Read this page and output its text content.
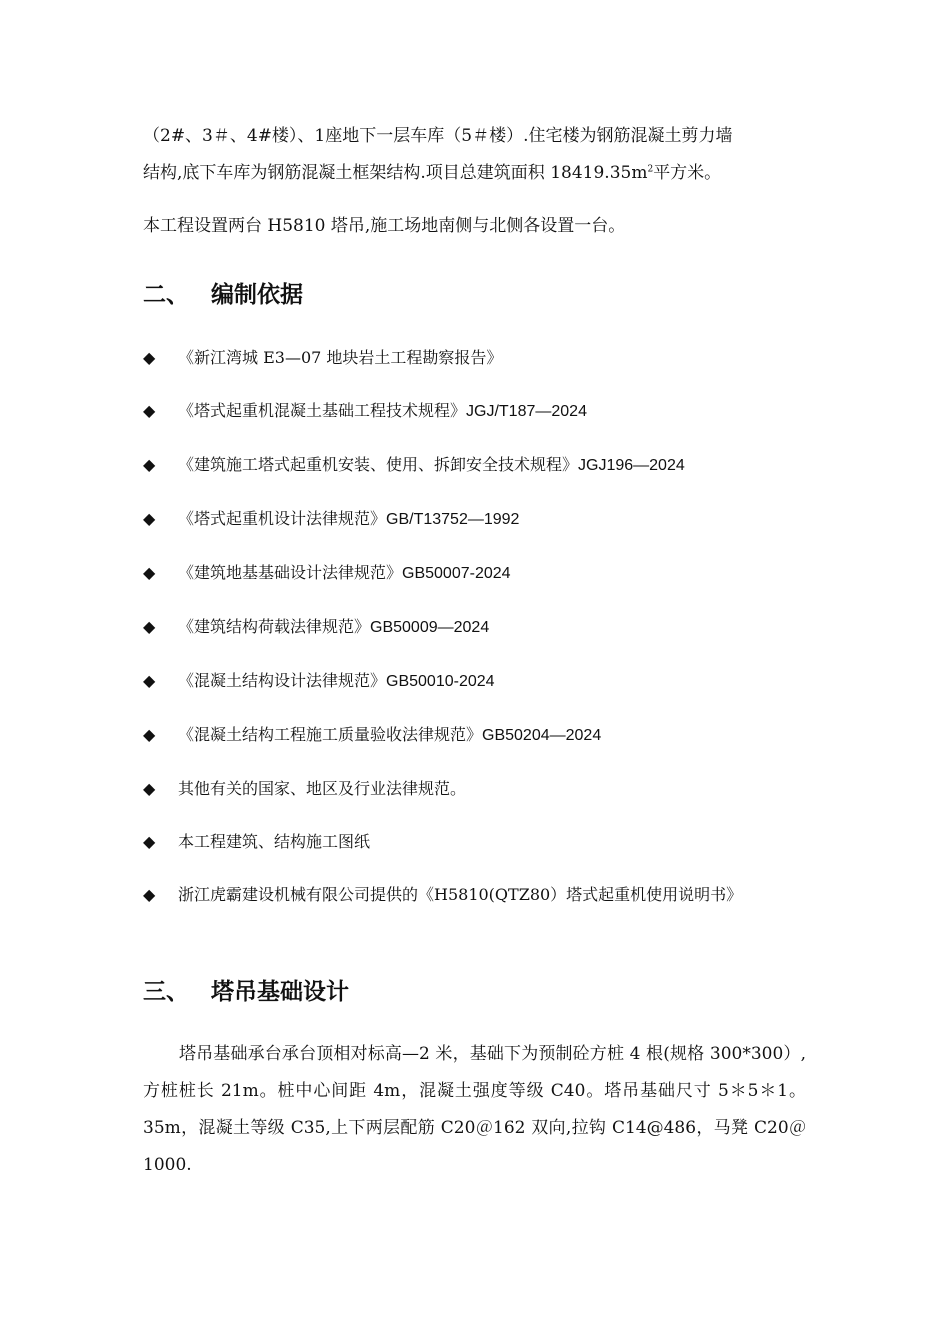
（2#、3＃、4#楼）、1座地下一层车库（5＃楼）.住宅楼为钢筋混凝土剪力墙
结构,底下车库为钢筋混凝土框架结构.项目总建筑面积 $18419.35m^2$平方米。

本工程设置两台 H5810 塔吊,施工场地南侧与北侧各设置一台。

二、 编制依据
◆ 《新江湾城 E3—07 地块岩土工程勘察报告》
◆ 《塔式起重机混凝土基础工程技术规程》JGJ/T187—2024
◆ 《建筑施工塔式起重机安装、使用、拆卸安全技术规程》JGJ196—2024
◆ 《塔式起重机设计法律规范》GB/T13752—1992
◆ 《建筑地基基础设计法律规范》GB50007-2024
◆ 《建筑结构荷载法律规范》GB50009—2024
◆ 《混凝土结构设计法律规范》GB50010-2024
◆ 《混凝土结构工程施工质量验收法律规范》GB50204—2024
◆ 其他有关的国家、地区及行业法律规范。
◆ 本工程建筑、结构施工图纸
◆ 浙江虎霸建设机械有限公司提供的《H5810(QTZ80）塔式起重机使用说明书》
三、 塔吊基础设计

塔吊基础承台承台顶相对标高—2 米，基础下为预制砼方桩 4 根(规格 300*300）,方桩桩长 21m。桩中心间距 4m，混凝土强度等级 C40。塔吊基础尺寸 5＊5＊1。35m，混凝土等级 C35,上下两层配筋 C20＠162 双向,拉钩 C14@486，马凳 C20＠1000.
